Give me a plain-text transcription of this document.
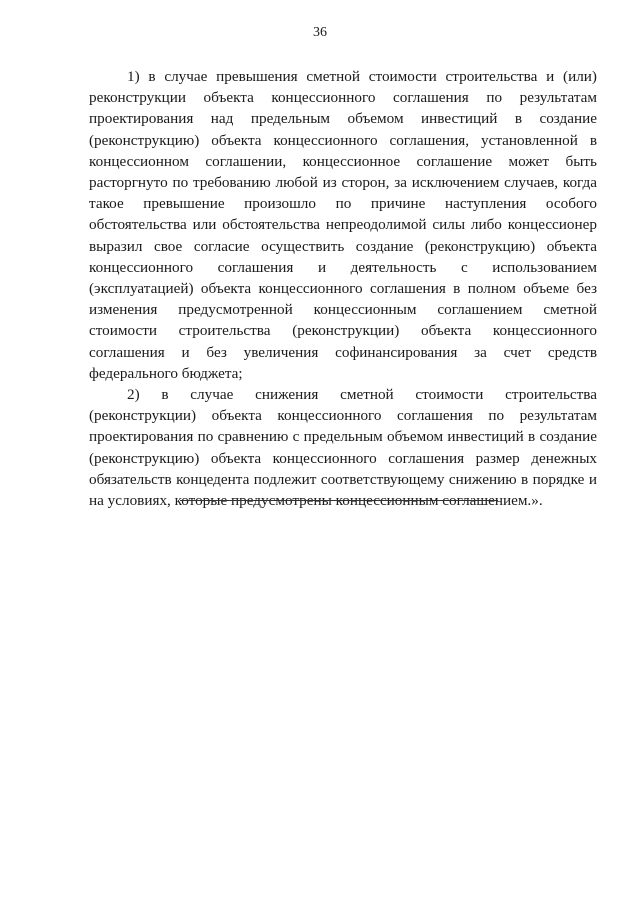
36

1) в случае превышения сметной стоимости строительства и (или) реконструкции объекта концессионного соглашения по результатам проектирования над предельным объемом инвестиций в создание (реконструкцию) объекта концессионного соглашения, установленной в концессионном соглашении, концессионное соглашение может быть расторгнуто по требованию любой из сторон, за исключением случаев, когда такое превышение произошло по причине наступления особого обстоятельства или обстоятельства непреодолимой силы либо концессионер выразил свое согласие осуществить создание (реконструкцию) объекта концессионного соглашения и деятельность с использованием (эксплуатацией) объекта концессионного соглашения в полном объеме без изменения предусмотренной концессионным соглашением сметной стоимости строительства (реконструкции) объекта концессионного соглашения и без увеличения софинансирования за счет средств федерального бюджета;

2) в случае снижения сметной стоимости строительства (реконструкции) объекта концессионного соглашения по результатам проектирования по сравнению с предельным объемом инвестиций в создание (реконструкцию) объекта концессионного соглашения размер денежных обязательств концедента подлежит соответствующему снижению в порядке и на условиях, которые предусмотрены концессионным соглашением.».
